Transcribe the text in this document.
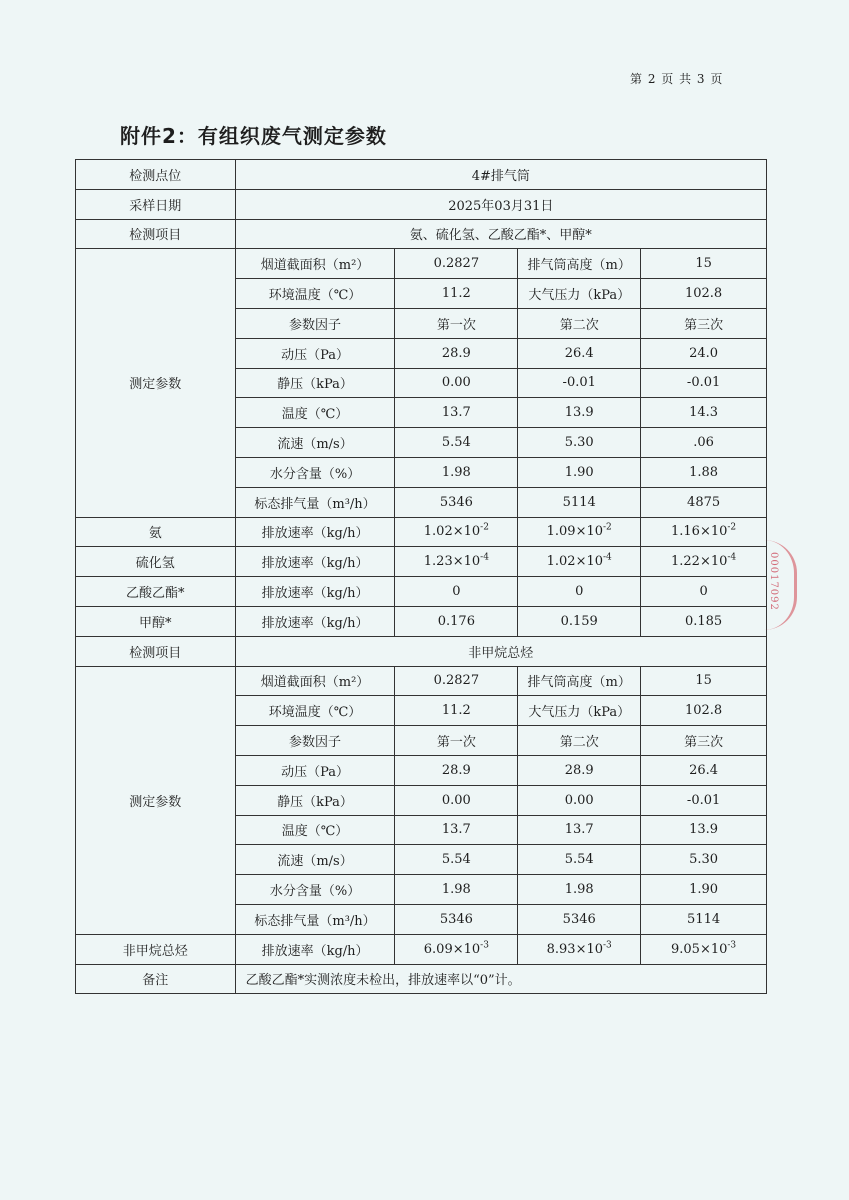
第 2 页 共 3 页
附件2：有组织废气测定参数
检测点位	4#排气筒			
采样日期	2025年03月31日			
检测项目	氨、硫化氢、乙酸乙酯*、甲醇*			
测定参数	烟道截面积（m²）	0.2827	排气筒高度（m）	15
	环境温度（℃）	11.2	大气压力（kPa）	102.8
	参数因子	第一次	第二次	第三次
	动压（Pa）	28.9	26.4	24.0
	静压（kPa）	0.00	-0.01	-0.01
	温度（℃）	13.7	13.9	14.3
	流速（m/s）	5.54	5.30	.06
	水分含量（%）	1.98	1.90	1.88
	标态排气量（m³/h）	5346	5114	4875
氨	排放速率（kg/h）	$1.02\times 10^{-2}$	$1.09\times 10^{-2}$	$1.16\times 10^{-2}$
硫化氢	排放速率（kg/h）	$1.23\times 10^{-4}$	$1.02\times 10^{-4}$	$1.22\times 10^{-4}$
乙酸乙酯*	排放速率（kg/h）	0	0	0
甲醇*	排放速率（kg/h）	0.176	0.159	0.185
检测项目	非甲烷总烃			
测定参数	烟道截面积（m²）	0.2827	排气筒高度（m）	15
	环境温度（℃）	11.2	大气压力（kPa）	102.8
	参数因子	第一次	第二次	第三次
	动压（Pa）	28.9	28.9	26.4
	静压（kPa）	0.00	0.00	-0.01
	温度（℃）	13.7	13.7	13.9
	流速（m/s）	5.54	5.54	5.30
	水分含量（%）	1.98	1.98	1.90
	标态排气量（m³/h）	5346	5346	5114
非甲烷总烃	排放速率（kg/h）	$6.09\times 10^{-3}$	$8.93\times 10^{-3}$	$9.05\times 10^{-3}$
备注	乙酸乙酯*实测浓度未检出，排放速率以“0”计。			
00017092
